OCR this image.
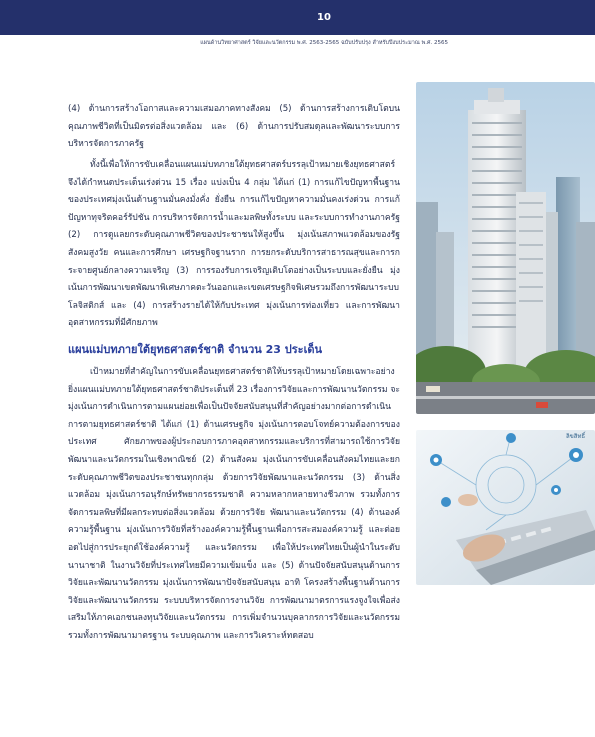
10
แผนด้านวิทยาศาสตร์ วิจัยและนวัตกรรม พ.ศ. 2563-2565 ฉบับปรับปรุง สำหรับปีงบประมาณ พ.ศ. 2565

(4) ด้านการสร้างโอกาสและความเสมอภาคทางสังคม (5) ด้านการสร้างการเติบโตบนคุณภาพชีวิตที่เป็นมิตรต่อสิ่งแวดล้อม และ (6) ด้านการปรับสมดุลและพัฒนาระบบการบริหารจัดการภาครัฐ

ทั้งนี้เพื่อให้การขับเคลื่อนแผนแม่บทภายใต้ยุทธศาสตร์บรรลุเป้าหมายเชิงยุทธศาสตร์ จึงได้กำหนดประเด็นเร่งด่วน 15 เรื่อง แบ่งเป็น 4 กลุ่ม ได้แก่ (1) การแก้ไขปัญหาพื้นฐานของประเทศมุ่งเน้นด้านฐานมั่นคงมั่งคั่ง ยั่งยืน การแก้ไขปัญหาความมั่นคงเร่งด่วน การแก้ปัญหาทุจริตคอร์รัปชัน การบริหารจัดการน้ำและมลพิษทั้งระบบ และระบบการทำงานภาครัฐ (2) การดูแลยกระดับคุณภาพชีวิตของประชาชนให้สูงขึ้น มุ่งเน้นสภาพแวดล้อมของรัฐ สังคมสูงวัย คนและการศึกษา เศรษฐกิจฐานราก การยกระดับบริการสาธารณสุขและการกระจายศูนย์กลางความเจริญ (3) การรองรับการเจริญเติบโตอย่างเป็นระบบและยั่งยืน มุ่งเน้นการพัฒนาเขตพัฒนาพิเศษภาคตะวันออกและเขตเศรษฐกิจพิเศษรวมถึงการพัฒนาระบบโลจิสติกส์ และ (4) การสร้างรายได้ให้กับประเทศ มุ่งเน้นการท่องเที่ยว และการพัฒนาอุตสาหกรรมที่มีศักยภาพ

แผนแม่บทภายใต้ยุทธศาสตร์ชาติ จำนวน 23 ประเด็น

เป้าหมายที่สำคัญในการขับเคลื่อนยุทธศาสตร์ชาติให้บรรลุเป้าหมายโดยเฉพาะอย่างยิ่งแผนแม่บทภายใต้ยุทธศาสตร์ชาติประเด็นที่ 23 เรื่องการวิจัยและการพัฒนานวัตกรรม จะมุ่งเน้นการดำเนินการตามแผนย่อยเพื่อเป็นปัจจัยสนับสนุนที่สำคัญอย่างมากต่อการดำเนินการตามยุทธศาสตร์ชาติ ได้แก่ (1) ด้านเศรษฐกิจ มุ่งเน้นการตอบโจทย์ความต้องการของประเทศ ศักยภาพของผู้ประกอบการภาคอุตสาหกรรมและบริการที่สามารถใช้การวิจัย พัฒนาและนวัตกรรมในเชิงพาณิชย์ (2) ด้านสังคม มุ่งเน้นการขับเคลื่อนสังคมไทยและยกระดับคุณภาพชีวิตของประชาชนทุกกลุ่ม ด้วยการวิจัยพัฒนาและนวัตกรรม (3) ด้านสิ่งแวดล้อม มุ่งเน้นการอนุรักษ์ทรัพยากรธรรมชาติ ความหลากหลายทางชีวภาพ รวมทั้งการจัดการมลพิษที่มีผลกระทบต่อสิ่งแวดล้อม ด้วยการวิจัย พัฒนาและนวัตกรรม (4) ด้านองค์ความรู้พื้นฐาน มุ่งเน้นการวิจัยที่สร้างองค์ความรู้พื้นฐานเพื่อการสะสมองค์ความรู้ และต่อยอดไปสู่การประยุกต์ใช้องค์ความรู้ และนวัตกรรม เพื่อให้ประเทศไทยเป็นผู้นำในระดับนานาชาติ ในงานวิจัยที่ประเทศไทยมีความเข้มแข็ง และ (5) ด้านปัจจัยสนับสนุนด้านการวิจัยและพัฒนานวัตกรรม มุ่งเน้นการพัฒนาปัจจัยสนับสนุน อาทิ โครงสร้างพื้นฐานด้านการวิจัยและพัฒนานวัตกรรม ระบบบริหารจัดการงานวิจัย การพัฒนามาตรการแรงจูงใจเพื่อส่งเสริมให้ภาคเอกชนลงทุนวิจัยและนวัตกรรม การเพิ่มจำนวนบุคลากรการวิจัยและนวัตกรรม รวมทั้งการพัฒนามาตรฐาน ระบบคุณภาพ และการวิเคราะห์ทดสอบ

ลิขสิทธิ์
